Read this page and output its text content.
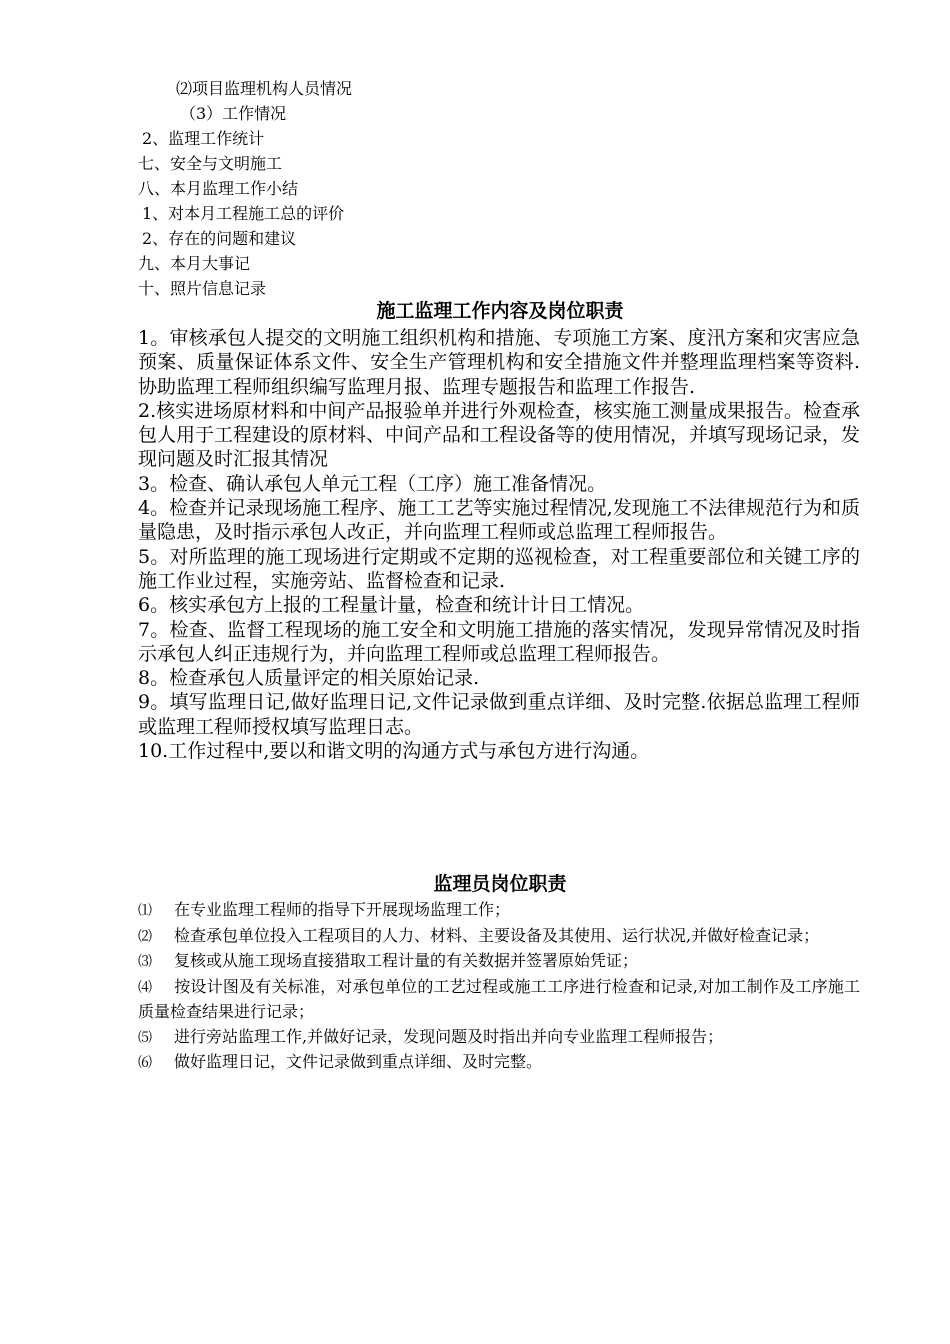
⑵项目监理机构人员情况
（3）工作情况
2、监理工作统计
七、安全与文明施工
八、本月监理工作小结
1、对本月工程施工总的评价
2、存在的问题和建议
九、本月大事记
十、照片信息记录
施工监理工作内容及岗位职责

1。审核承包人提交的文明施工组织机构和措施、专项施工方案、度汛方案和灾害应急预案、质量保证体系文件、安全生产管理机构和安全措施文件并整理监理档案等资料.协助监理工程师组织编写监理月报、监理专题报告和监理工作报告.

2.核实进场原材料和中间产品报验单并进行外观检查，核实施工测量成果报告。检查承包人用于工程建设的原材料、中间产品和工程设备等的使用情况，并填写现场记录，发现问题及时汇报其情况

3。检查、确认承包人单元工程（工序）施工准备情况。

4。检查并记录现场施工程序、施工工艺等实施过程情况,发现施工不法律规范行为和质量隐患，及时指示承包人改正，并向监理工程师或总监理工程师报告。

5。对所监理的施工现场进行定期或不定期的巡视检查，对工程重要部位和关键工序的施工作业过程，实施旁站、监督检查和记录.

6。核实承包方上报的工程量计量，检查和统计计日工情况。

7。检查、监督工程现场的施工安全和文明施工措施的落实情况，发现异常情况及时指示承包人纠正违规行为，并向监理工程师或总监理工程师报告。

8。检查承包人质量评定的相关原始记录.

9。填写监理日记,做好监理日记,文件记录做到重点详细、及时完整.依据总监理工程师或监理工程师授权填写监理日志。

10.工作过程中,要以和谐文明的沟通方式与承包方进行沟通。

监理员岗位职责

⑴ 在专业监理工程师的指导下开展现场监理工作；

⑵ 检查承包单位投入工程项目的人力、材料、主要设备及其使用、运行状况,并做好检查记录；

⑶ 复核或从施工现场直接猎取工程计量的有关数据并签署原始凭证；

⑷ 按设计图及有关标准，对承包单位的工艺过程或施工工序进行检查和记录,对加工制作及工序施工质量检查结果进行记录；

⑸ 进行旁站监理工作,并做好记录，发现问题及时指出并向专业监理工程师报告；

⑹ 做好监理日记，文件记录做到重点详细、及时完整。
